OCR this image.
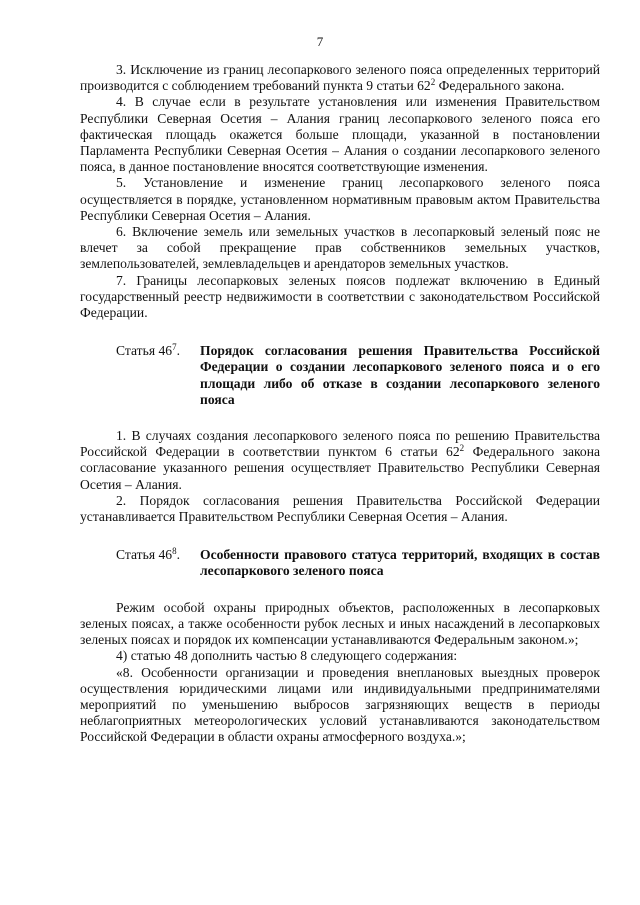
7

3. Исключение из границ лесопаркового зеленого пояса определенных территорий производится с соблюдением требований пункта 9 статьи $62^2$ Федерального закона.

4. В случае если в результате установления или изменения Правительством Республики Северная Осетия – Алания границ лесопаркового зеленого пояса его фактическая площадь окажется больше площади, указанной в постановлении Парламента Республики Северная Осетия – Алания о создании лесопаркового зеленого пояса, в данное постановление вносятся соответствующие изменения.

5. Установление и изменение границ лесопаркового зеленого пояса осуществляется в порядке, установленном нормативным правовым актом Правительства Республики Северная Осетия – Алания.

6. Включение земель или земельных участков в лесопарковый зеленый пояс не влечет за собой прекращение прав собственников земельных участков, землепользователей, землевладельцев и арендаторов земельных участков.

7. Границы лесопарковых зеленых поясов подлежат включению в Единый государственный реестр недвижимости в соответствии с законодательством Российской Федерации.

Статья $46^7$.	Порядок согласования решения Правительства Российской Федерации о создании лесопаркового зеленого пояса и о его площади либо об отказе в создании лесопаркового зеленого пояса

1. В случаях создания лесопаркового зеленого пояса по решению Правительства Российской Федерации в соответствии пунктом 6 статьи $62^2$ Федерального закона согласование указанного решения осуществляет Правительство Республики Северная Осетия – Алания.

2. Порядок согласования решения Правительства Российской Федерации устанавливается Правительством Республики Северная Осетия – Алания.

Статья $46^8$.	Особенности правового статуса территорий, входящих в состав лесопаркового зеленого пояса

Режим особой охраны природных объектов, расположенных в лесопарковых зеленых поясах, а также особенности рубок лесных и иных насаждений в лесопарковых зеленых поясах и порядок их компенсации устанавливаются Федеральным законом.»;

4) статью 48 дополнить частью 8 следующего содержания:

«8. Особенности организации и проведения внеплановых выездных проверок осуществления юридическими лицами или индивидуальными предпринимателями мероприятий по уменьшению выбросов загрязняющих веществ в периоды неблагоприятных метеорологических условий устанавливаются законодательством Российской Федерации в области охраны атмосферного воздуха.»;
